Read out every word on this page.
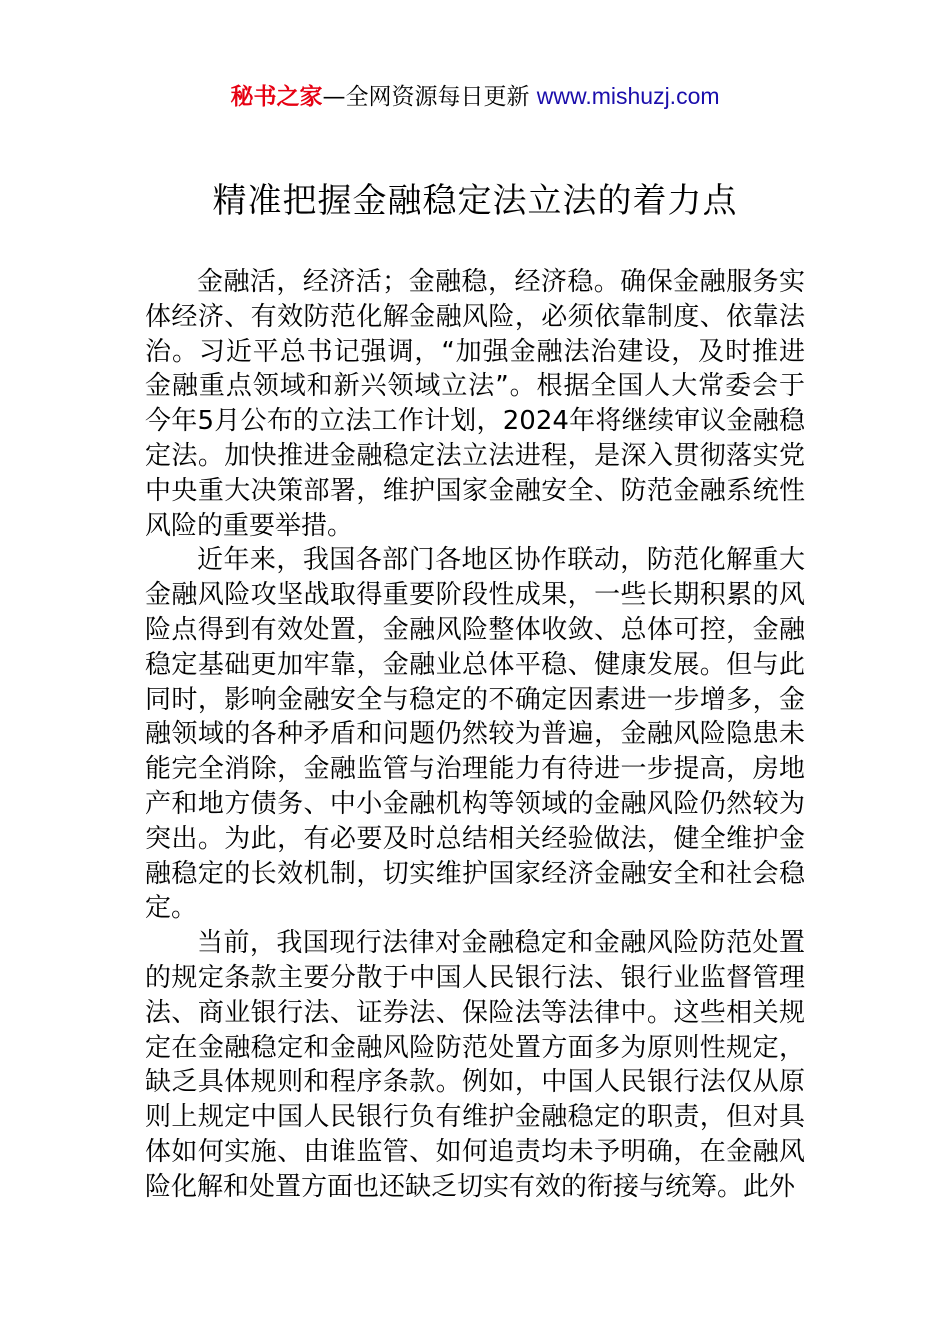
秘书之家—全网资源每日更新 www.mishuzj.com
精准把握金融稳定法立法的着力点

金融活，经济活；金融稳，经济稳。确保金融服务实体经济、有效防范化解金融风险，必须依靠制度、依靠法治。习近平总书记强调，“加强金融法治建设，及时推进金融重点领域和新兴领域立法”。根据全国人大常委会于今年5月公布的立法工作计划，2024年将继续审议金融稳定法。加快推进金融稳定法立法进程，是深入贯彻落实党中央重大决策部署，维护国家金融安全、防范金融系统性风险的重要举措。

近年来，我国各部门各地区协作联动，防范化解重大金融风险攻坚战取得重要阶段性成果，一些长期积累的风险点得到有效处置，金融风险整体收敛、总体可控，金融稳定基础更加牢靠，金融业总体平稳、健康发展。但与此同时，影响金融安全与稳定的不确定因素进一步增多，金融领域的各种矛盾和问题仍然较为普遍，金融风险隐患未能完全消除，金融监管与治理能力有待进一步提高，房地产和地方债务、中小金融机构等领域的金融风险仍然较为突出。为此，有必要及时总结相关经验做法，健全维护金融稳定的长效机制，切实维护国家经济金融安全和社会稳定。

当前，我国现行法律对金融稳定和金融风险防范处置的规定条款主要分散于中国人民银行法、银行业监督管理法、商业银行法、证券法、保险法等法律中。这些相关规定在金融稳定和金融风险防范处置方面多为原则性规定，缺乏具体规则和程序条款。例如，中国人民银行法仅从原则上规定中国人民银行负有维护金融稳定的职责，但对具体如何实施、由谁监管、如何追责均未予明确，在金融风险化解和处置方面也还缺乏切实有效的衔接与统筹。此外
